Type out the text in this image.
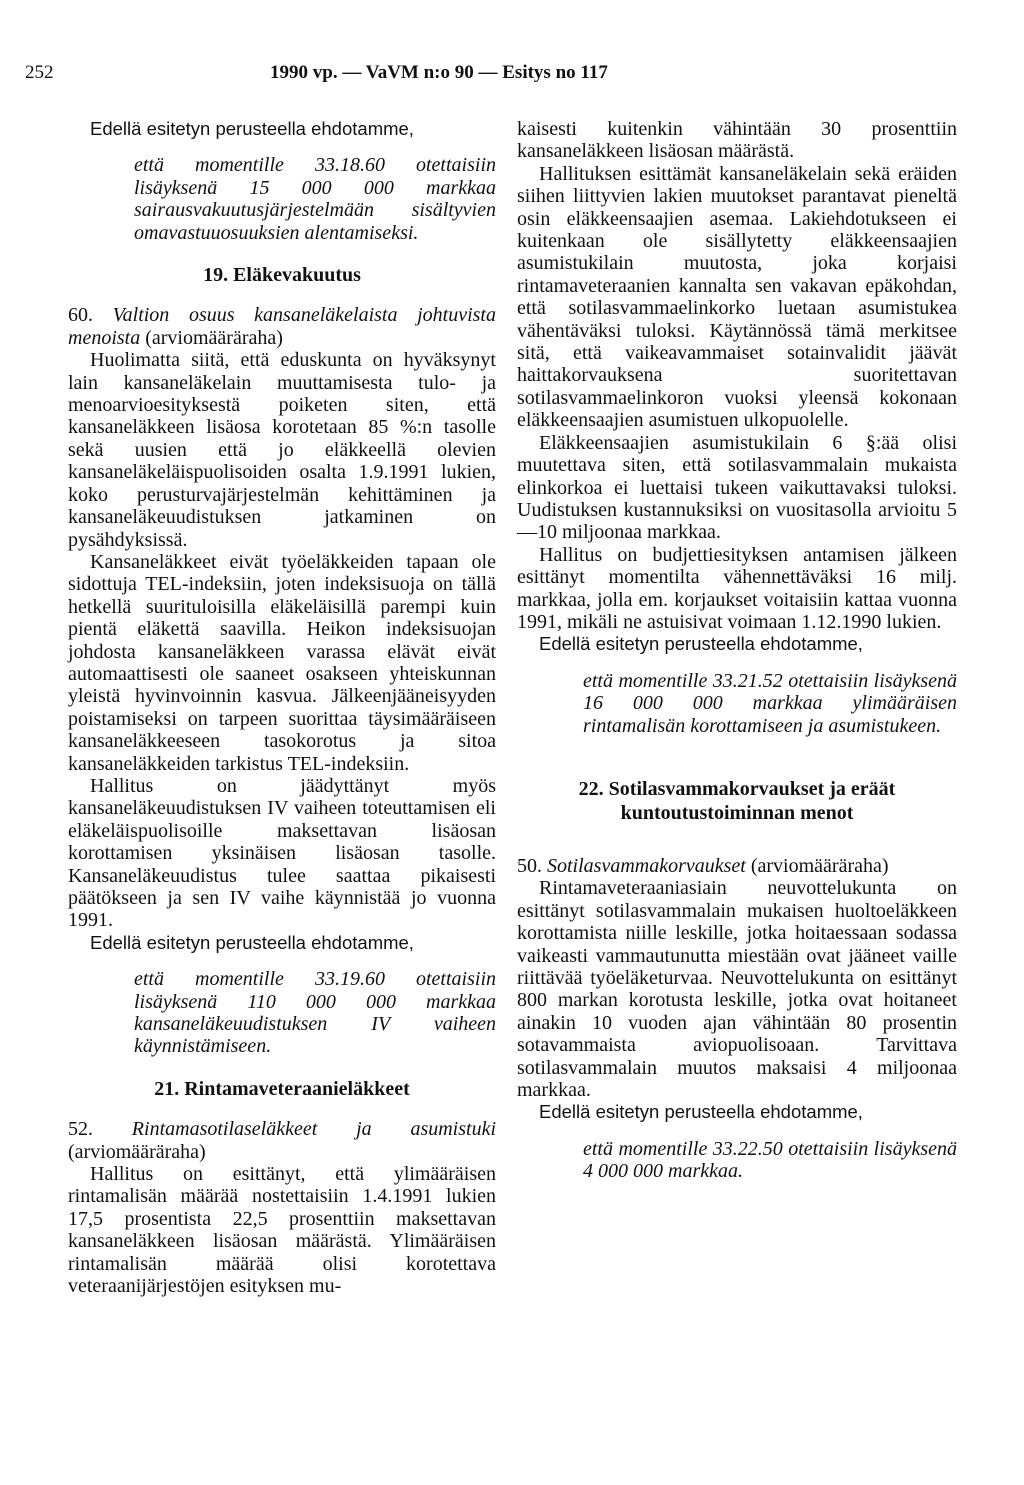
252	1990 vp. — VaVM n:o 90 — Esitys no 117

Edellä esitetyn perusteella ehdotamme,

että momentille 33.18.60 otettaisiin lisäyksenä 15 000 000 markkaa sairausvakuutusjärjestelmään sisältyvien omavastuuosuuksien alentamiseksi.

19. Eläkevakuutus

60. Valtion osuus kansaneläkelaista johtuvista menoista (arviomääräraha)

Huolimatta siitä, että eduskunta on hyväksynyt lain kansaneläkelain muuttamisesta tulo- ja menoarvioesityksestä poiketen siten, että kansaneläkkeen lisäosa korotetaan 85 %:n tasolle sekä uusien että jo eläkkeellä olevien kansaneläkeläispuolisoiden osalta 1.9.1991 lukien, koko perusturvajärjestelmän kehittäminen ja kansaneläkeuudistuksen jatkaminen on pysähdyksissä.

Kansaneläkkeet eivät työeläkkeiden tapaan ole sidottuja TEL-indeksiin, joten indeksisuoja on tällä hetkellä suurituloisilla eläkeläisillä parempi kuin pientä eläkettä saavilla. Heikon indeksisuojan johdosta kansaneläkkeen varassa elävät eivät automaattisesti ole saaneet osakseen yhteiskunnan yleistä hyvinvoinnin kasvua. Jälkeenjääneisyyden poistamiseksi on tarpeen suorittaa täysimääräiseen kansaneläkkeeseen tasokorotus ja sitoa kansaneläkkeiden tarkistus TEL-indeksiin.

Hallitus on jäädyttänyt myös kansaneläkeuudistuksen IV vaiheen toteuttamisen eli eläkeläispuolisoille maksettavan lisäosan korottamisen yksinäisen lisäosan tasolle. Kansaneläkeuudistus tulee saattaa pikaisesti päätökseen ja sen IV vaihe käynnistää jo vuonna 1991.

Edellä esitetyn perusteella ehdotamme,

että momentille 33.19.60 otettaisiin lisäyksenä 110 000 000 markkaa kansaneläkeuudistuksen IV vaiheen käynnistämiseen.

21. Rintamaveteraanieläkkeet

52. Rintamasotilaseläkkeet ja asumistuki (arviomääräraha)

Hallitus on esittänyt, että ylimääräisen rintamalisän määrää nostettaisiin 1.4.1991 lukien 17,5 prosentista 22,5 prosenttiin maksettavan kansaneläkkeen lisäosan määrästä. Ylimääräisen rintamalisän määrää olisi korotettava veteraanijärjestöjen esityksen mu-

kaisesti kuitenkin vähintään 30 prosenttiin kansaneläkkeen lisäosan määrästä.

Hallituksen esittämät kansaneläkelain sekä eräiden siihen liittyvien lakien muutokset parantavat pieneltä osin eläkkeensaajien asemaa. Lakiehdotukseen ei kuitenkaan ole sisällytetty eläkkeensaajien asumistukilain muutosta, joka korjaisi rintamaveteraanien kannalta sen vakavan epäkohdan, että sotilasvammaelinkorko luetaan asumistukea vähentäväksi tuloksi. Käytännössä tämä merkitsee sitä, että vaikeavammaiset sotainvalidit jäävät haittakorvauksena suoritettavan sotilasvammaelinkoron vuoksi yleensä kokonaan eläkkeensaajien asumistuen ulkopuolelle.

Eläkkeensaajien asumistukilain 6 §:ää olisi muutettava siten, että sotilasvammalain mukaista elinkorkoa ei luettaisi tukeen vaikuttavaksi tuloksi. Uudistuksen kustannuksiksi on vuositasolla arvioitu 5—10 miljoonaa markkaa.

Hallitus on budjettiesityksen antamisen jälkeen esittänyt momentilta vähennettäväksi 16 milj. markkaa, jolla em. korjaukset voitaisiin kattaa vuonna 1991, mikäli ne astuisivat voimaan 1.12.1990 lukien.

Edellä esitetyn perusteella ehdotamme,

että momentille 33.21.52 otettaisiin lisäyksenä 16 000 000 markkaa ylimääräisen rintamalisän korottamiseen ja asumistukeen.

22. Sotilasvammakorvaukset ja eräät
kuntoutustoiminnan menot

50. Sotilasvammakorvaukset (arviomääräraha)

Rintamaveteraaniasiain neuvottelukunta on esittänyt sotilasvammalain mukaisen huoltoeläkkeen korottamista niille leskille, jotka hoitaessaan sodassa vaikeasti vammautunutta miestään ovat jääneet vaille riittävää työeläketurvaa. Neuvottelukunta on esittänyt 800 markan korotusta leskille, jotka ovat hoitaneet ainakin 10 vuoden ajan vähintään 80 prosentin sotavammaista aviopuolisoaan. Tarvittava sotilasvammalain muutos maksaisi 4 miljoonaa markkaa.

Edellä esitetyn perusteella ehdotamme,

että momentille 33.22.50 otettaisiin lisäyksenä 4 000 000 markkaa.
